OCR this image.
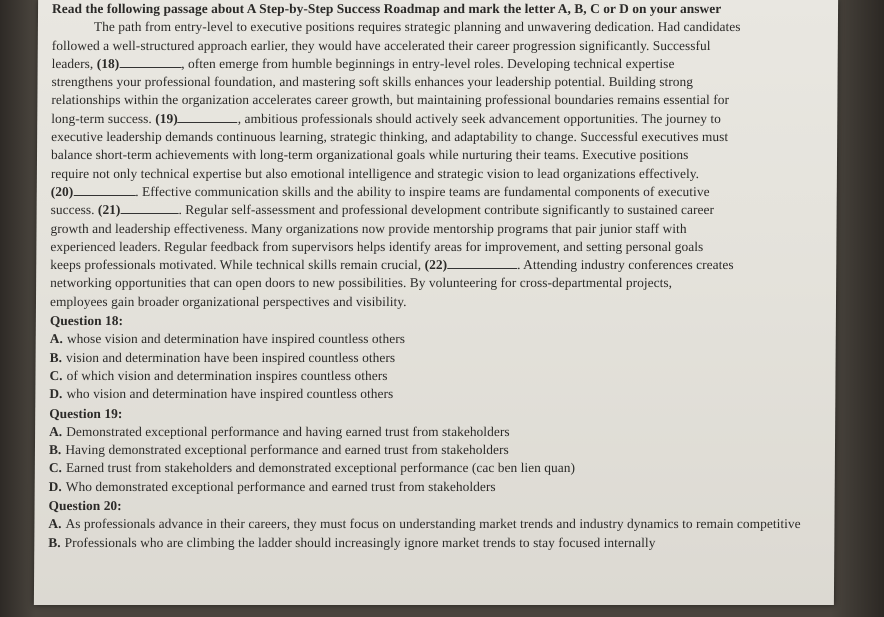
Read the following passage about A Step-by-Step Success Roadmap and mark the letter A, B, C or D on your answer

The path from entry-level to executive positions requires strategic planning and unwavering dedication. Had candidates
followed a well-structured approach earlier, they would have accelerated their career progression significantly. Successful
leaders, (18)	, often emerge from humble beginnings in entry-level roles. Developing technical expertise
strengthens your professional foundation, and mastering soft skills enhances your leadership potential. Building strong
relationships within the organization accelerates career growth, but maintaining professional boundaries remains essential for
long-term success. (19)	, ambitious professionals should actively seek advancement opportunities. The journey to
executive leadership demands continuous learning, strategic thinking, and adaptability to change. Successful executives must
balance short-term achievements with long-term organizational goals while nurturing their teams. Executive positions
require not only technical expertise but also emotional intelligence and strategic vision to lead organizations effectively.
(20)	. Effective communication skills and the ability to inspire teams are fundamental components of executive
success. (21)	. Regular self-assessment and professional development contribute significantly to sustained career
growth and leadership effectiveness. Many organizations now provide mentorship programs that pair junior staff with
experienced leaders. Regular feedback from supervisors helps identify areas for improvement, and setting personal goals
keeps professionals motivated. While technical skills remain crucial, (22)	. Attending industry conferences creates
networking opportunities that can open doors to new possibilities. By volunteering for cross-departmental projects,
employees gain broader organizational perspectives and visibility.
Question 18:
A. whose vision and determination have inspired countless others
B. vision and determination have been inspired countless others
C. of which vision and determination inspires countless others
D. who vision and determination have inspired countless others
Question 19:
A. Demonstrated exceptional performance and having earned trust from stakeholders
B. Having demonstrated exceptional performance and earned trust from stakeholders
C. Earned trust from stakeholders and demonstrated exceptional performance (cac ben lien quan)
D. Who demonstrated exceptional performance and earned trust from stakeholders
Question 20:
A. As professionals advance in their careers, they must focus on understanding market trends and industry dynamics to remain competitive
B. Professionals who are climbing the ladder should increasingly ignore market trends to stay focused internally
